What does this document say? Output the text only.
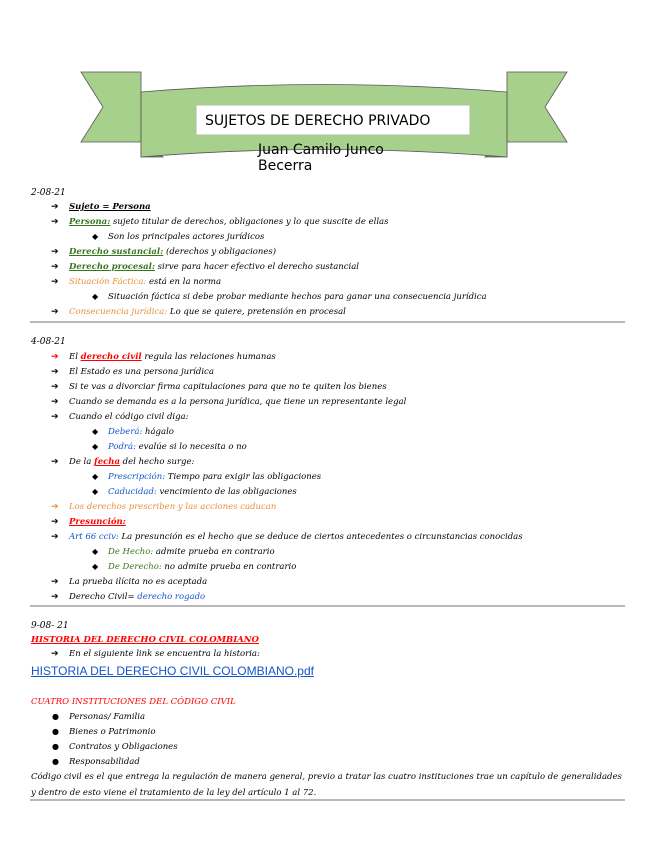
SUJETOS DE DERECHO PRIVADO
Juan Camilo Junco Becerra
2-08-21
➔ Sujeto = Persona
➔ Persona: sujeto titular de derechos, obligaciones y lo que suscite de ellas
◆ Son los principales actores jurídicos
➔ Derecho sustancial: (derechos y obligaciones)
➔ Derecho procesal: sirve para hacer efectivo el derecho sustancial
➔ Situación Fáctica: está en la norma
◆ Situación fáctica si debe probar mediante hechos para ganar una consecuencia jurídica
➔ Consecuencia jurídica: Lo que se quiere, pretensión en procesal
4-08-21
➔ El derecho civil regula las relaciones humanas
➔ El Estado es una persona jurídica
➔ Si te vas a divorciar firma capitulaciones para que no te quiten los bienes
➔ Cuando se demanda es a la persona jurídica, que tiene un representante legal
➔ Cuando el código civil diga:
◆ Deberá: hágalo
◆ Podrá: evalúe si lo necesita o no
➔ De la fecha del hecho surge:
◆ Prescripción: Tiempo para exigir las obligaciones
◆ Caducidad: vencimiento de las obligaciones
➔ Los derechos prescriben y las acciones caducan
➔ Presunción:
➔ Art 66 cciv: La presunción es el hecho que se deduce de ciertos antecedentes o circunstancias conocidas
◆ De Hecho: admite prueba en contrario
◆ De Derecho: no admite prueba en contrario
➔ La prueba ilícita no es aceptada
➔ Derecho Civil= derecho rogado
9-08- 21
HISTORIA DEL DERECHO CIVIL COLOMBIANO
➔ En el siguiente link se encuentra la historia:
HISTORIA DEL DERECHO CIVIL COLOMBIANO.pdf
CUATRO INSTITUCIONES DEL CÓDIGO CIVIL
● Personas/ Familia
● Bienes o Patrimonio
● Contratos y Obligaciones
● Responsabilidad
Código civil es el que entrega la regulación de manera general, previo a tratar las cuatro instituciones trae un capítulo de generalidades y dentro de esto viene el tratamiento de la ley del artículo 1 al 72.
